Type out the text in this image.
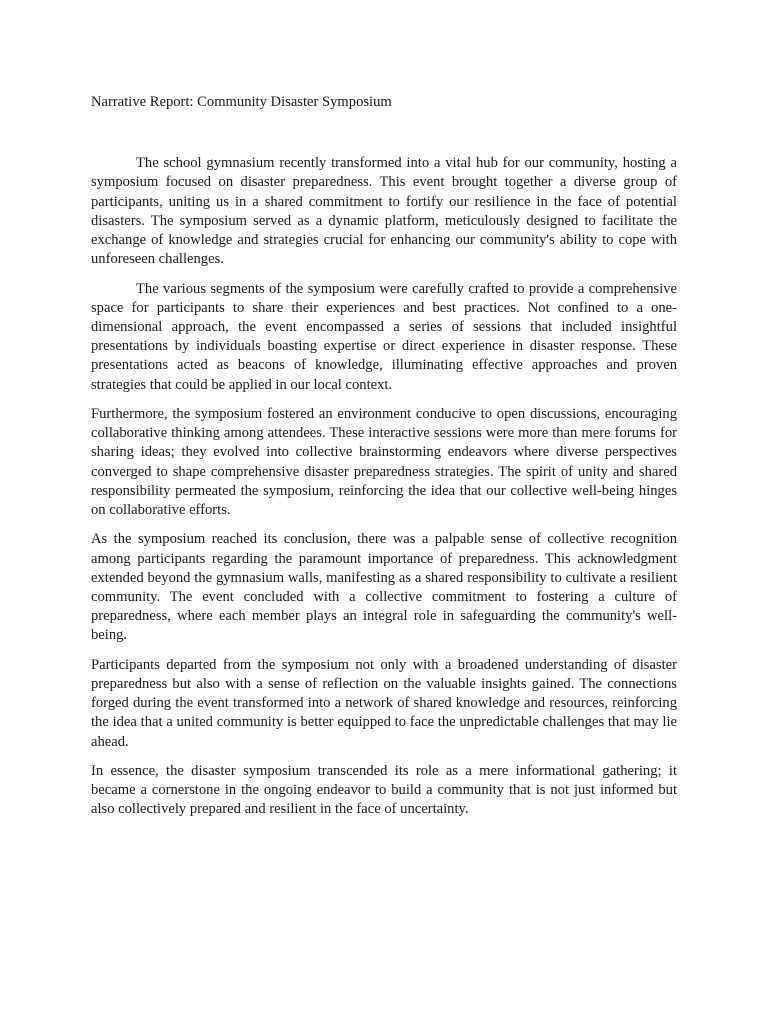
Narrative Report: Community Disaster Symposium

The school gymnasium recently transformed into a vital hub for our community, hosting a symposium focused on disaster preparedness. This event brought together a diverse group of participants, uniting us in a shared commitment to fortify our resilience in the face of potential disasters. The symposium served as a dynamic platform, meticulously designed to facilitate the exchange of knowledge and strategies crucial for enhancing our community's ability to cope with unforeseen challenges.

The various segments of the symposium were carefully crafted to provide a comprehensive space for participants to share their experiences and best practices. Not confined to a one-dimensional approach, the event encompassed a series of sessions that included insightful presentations by individuals boasting expertise or direct experience in disaster response. These presentations acted as beacons of knowledge, illuminating effective approaches and proven strategies that could be applied in our local context.

Furthermore, the symposium fostered an environment conducive to open discussions, encouraging collaborative thinking among attendees. These interactive sessions were more than mere forums for sharing ideas; they evolved into collective brainstorming endeavors where diverse perspectives converged to shape comprehensive disaster preparedness strategies. The spirit of unity and shared responsibility permeated the symposium, reinforcing the idea that our collective well-being hinges on collaborative efforts.

As the symposium reached its conclusion, there was a palpable sense of collective recognition among participants regarding the paramount importance of preparedness. This acknowledgment extended beyond the gymnasium walls, manifesting as a shared responsibility to cultivate a resilient community. The event concluded with a collective commitment to fostering a culture of preparedness, where each member plays an integral role in safeguarding the community's well-being.

Participants departed from the symposium not only with a broadened understanding of disaster preparedness but also with a sense of reflection on the valuable insights gained. The connections forged during the event transformed into a network of shared knowledge and resources, reinforcing the idea that a united community is better equipped to face the unpredictable challenges that may lie ahead.

In essence, the disaster symposium transcended its role as a mere informational gathering; it became a cornerstone in the ongoing endeavor to build a community that is not just informed but also collectively prepared and resilient in the face of uncertainty.
